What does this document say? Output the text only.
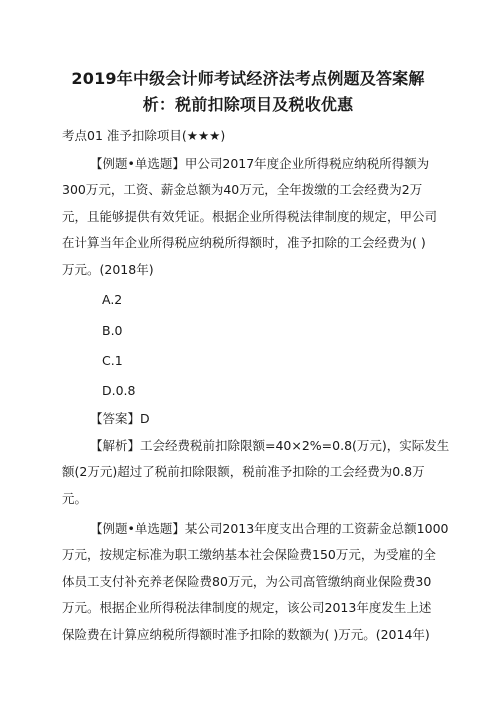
2019年中级会计师考试经济法考点例题及答案解
析：税前扣除项目及税收优惠
考点01 准予扣除项目(★★★)
【例题•单选题】甲公司2017年度企业所得税应纳税所得额为
300万元，工资、薪金总额为40万元，全年拨缴的工会经费为2万
元，且能够提供有效凭证。根据企业所得税法律制度的规定，甲公司
在计算当年企业所得税应纳税所得额时，准予扣除的工会经费为( )
万元。(2018年)
A.2
B.0
C.1
D.0.8
【答案】D
【解析】工会经费税前扣除限额=40×2%=0.8(万元)，实际发生
额(2万元)超过了税前扣除限额，税前准予扣除的工会经费为0.8万
元。
【例题•单选题】某公司2013年度支出合理的工资薪金总额1000
万元，按规定标准为职工缴纳基本社会保险费150万元，为受雇的全
体员工支付补充养老保险费80万元，为公司高管缴纳商业保险费30
万元。根据企业所得税法律制度的规定，该公司2013年度发生上述
保险费在计算应纳税所得额时准予扣除的数额为( )万元。(2014年)
